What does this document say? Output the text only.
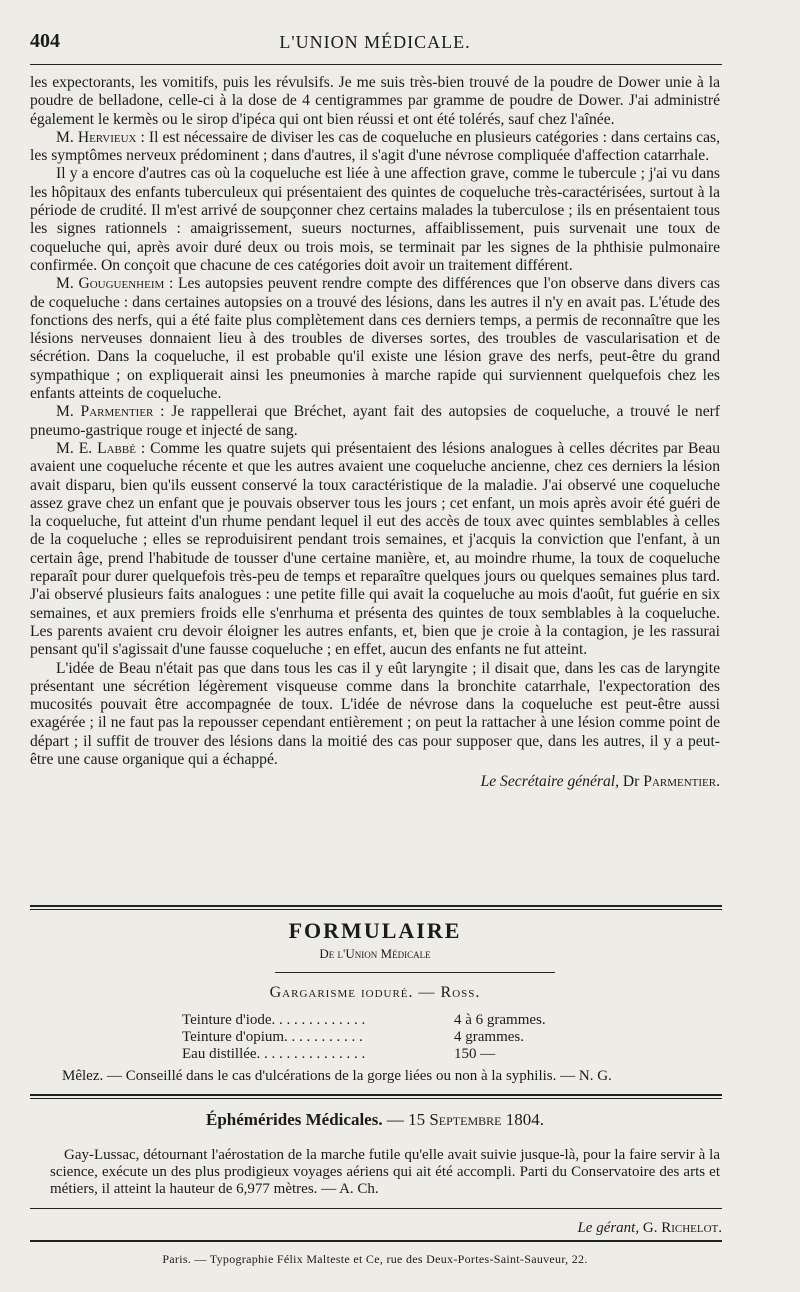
404	L'UNION MÉDICALE.

les expectorants, les vomitifs, puis les révulsifs. Je me suis très-bien trouvé de la poudre de Dower unie à la poudre de belladone, celle-ci à la dose de 4 centigrammes par gramme de poudre de Dower. J'ai administré également le kermès ou le sirop d'ipéca qui ont bien réussi et ont été tolérés, sauf chez l'aînée.

M. Hervieux : Il est nécessaire de diviser les cas de coqueluche en plusieurs catégories : dans certains cas, les symptômes nerveux prédominent ; dans d'autres, il s'agit d'une névrose compliquée d'affection catarrhale.

Il y a encore d'autres cas où la coqueluche est liée à une affection grave, comme le tubercule ; j'ai vu dans les hôpitaux des enfants tuberculeux qui présentaient des quintes de coqueluche très-caractérisées, surtout à la période de crudité. Il m'est arrivé de soupçonner chez certains malades la tuberculose ; ils en présentaient tous les signes rationnels : amaigrissement, sueurs nocturnes, affaiblissement, puis survenait une toux de coqueluche qui, après avoir duré deux ou trois mois, se terminait par les signes de la phthisie pulmonaire confirmée. On conçoit que chacune de ces catégories doit avoir un traitement différent.

M. Gouguenheim : Les autopsies peuvent rendre compte des différences que l'on observe dans divers cas de coqueluche : dans certaines autopsies on a trouvé des lésions, dans les autres il n'y en avait pas. L'étude des fonctions des nerfs, qui a été faite plus complètement dans ces derniers temps, a permis de reconnaître que les lésions nerveuses donnaient lieu à des troubles de diverses sortes, des troubles de vascularisation et de sécrétion. Dans la coqueluche, il est probable qu'il existe une lésion grave des nerfs, peut-être du grand sympathique ; on expliquerait ainsi les pneumonies à marche rapide qui surviennent quelquefois chez les enfants atteints de coqueluche.

M. Parmentier : Je rappellerai que Bréchet, ayant fait des autopsies de coqueluche, a trouvé le nerf pneumo-gastrique rouge et injecté de sang.

M. E. Labbé : Comme les quatre sujets qui présentaient des lésions analogues à celles décrites par Beau avaient une coqueluche récente et que les autres avaient une coqueluche ancienne, chez ces derniers la lésion avait disparu, bien qu'ils eussent conservé la toux caractéristique de la maladie. J'ai observé une coqueluche assez grave chez un enfant que je pouvais observer tous les jours ; cet enfant, un mois après avoir été guéri de la coqueluche, fut atteint d'un rhume pendant lequel il eut des accès de toux avec quintes semblables à celles de la coqueluche ; elles se reproduisirent pendant trois semaines, et j'acquis la conviction que l'enfant, à un certain âge, prend l'habitude de tousser d'une certaine manière, et, au moindre rhume, la toux de coqueluche reparaît pour durer quelquefois très-peu de temps et reparaître quelques jours ou quelques semaines plus tard. J'ai observé plusieurs faits analogues : une petite fille qui avait la coqueluche au mois d'août, fut guérie en six semaines, et aux premiers froids elle s'enrhuma et présenta des quintes de toux semblables à la coqueluche. Les parents avaient cru devoir éloigner les autres enfants, et, bien que je croie à la contagion, je les rassurai pensant qu'il s'agissait d'une fausse coqueluche ; en effet, aucun des enfants ne fut atteint.

L'idée de Beau n'était pas que dans tous les cas il y eût laryngite ; il disait que, dans les cas de laryngite présentant une sécrétion légèrement visqueuse comme dans la bronchite catarrhale, l'expectoration des mucosités pouvait être accompagnée de toux. L'idée de névrose dans la coqueluche est peut-être aussi exagérée ; il ne faut pas la repousser cependant entièrement ; on peut la rattacher à une lésion comme point de départ ; il suffit de trouver des lésions dans la moitié des cas pour supposer que, dans les autres, il y a peut-être une cause organique qui a échappé.

Le Secrétaire général, Dr Parmentier.

FORMULAIRE
De l'Union Médicale
Gargarisme ioduré. — Ross.
Teinture d'iode. . . . . . . . . . . . .	4 à 6 grammes.
Teinture d'opium. . . . . . . . . . .	4 grammes.
Eau distillée. . . . . . . . . . . . . . .	150 —
Mêlez. — Conseillé dans le cas d'ulcérations de la gorge liées ou non à la syphilis. — N. G.
Éphémérides Médicales. — 15 Septembre 1804.
Gay-Lussac, détournant l'aérostation de la marche futile qu'elle avait suivie jusque-là, pour la faire servir à la science, exécute un des plus prodigieux voyages aériens qui ait été accompli. Parti du Conservatoire des arts et métiers, il atteint la hauteur de 6,977 mètres. — A. Ch.
Le gérant, G. Richelot.
Paris. — Typographie Félix Malteste et Ce, rue des Deux-Portes-Saint-Sauveur, 22.
